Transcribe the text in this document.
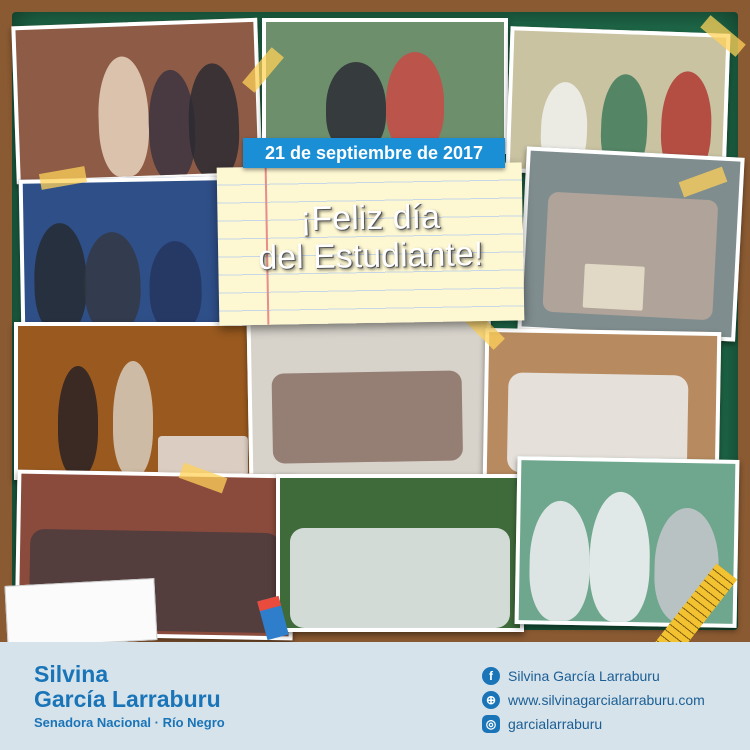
¡Feliz día
del Estudiante!
21 de septiembre de 2017
Silvina
García Larraburu
Senadora Nacional · Río Negro
f	Silvina García Larraburu
⊕ www.silvinagarcialarraburu.com
◎ garcialarraburu
